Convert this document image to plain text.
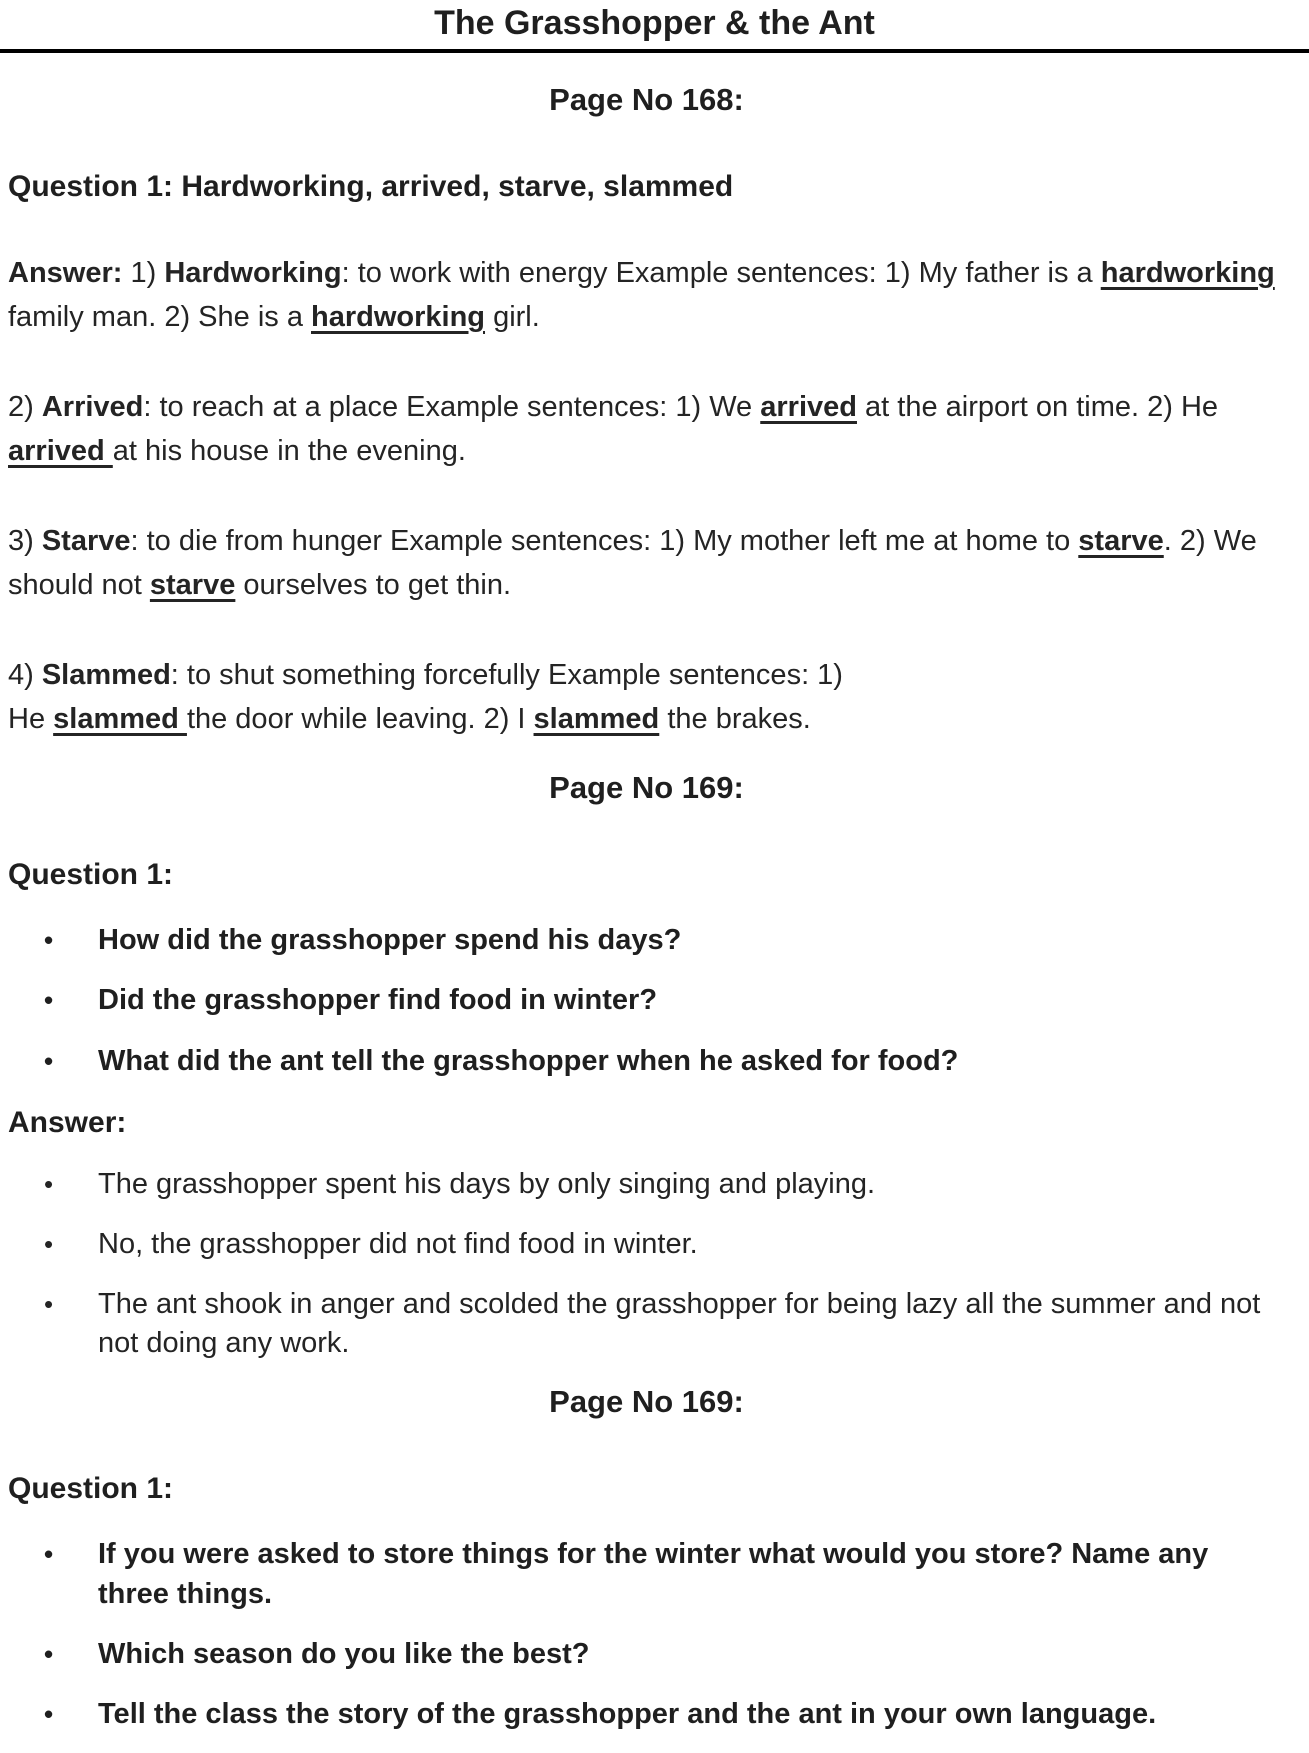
The Grasshopper & the Ant
Page No 168:
Question 1: Hardworking, arrived, starve, slammed

Answer: 1) Hardworking: to work with energy Example sentences: 1) My father is a hardworking family man. 2) She is a hardworking girl.

2) Arrived: to reach at a place Example sentences: 1) We arrived at the airport on time. 2) He arrived at his house in the evening.

3) Starve: to die from hunger Example sentences: 1) My mother left me at home to starve. 2) We should not starve ourselves to get thin.

4) Slammed: to shut something forcefully Example sentences: 1)
He slammed the door while leaving. 2) I slammed the brakes.

Page No 169:
Question 1:
•	How did the grasshopper spend his days?
•	Did the grasshopper find food in winter?
•	What did the ant tell the grasshopper when he asked for food?
Answer:
•	The grasshopper spent his days by only singing and playing.
•	No, the grasshopper did not find food in winter.
•	The ant shook in anger and scolded the grasshopper for being lazy all the summer and not not doing any work.
Page No 169:
Question 1:
•	If you were asked to store things for the winter what would you store? Name any three things.
•	Which season do you like the best?
•	Tell the class the story of the grasshopper and the ant in your own language.
